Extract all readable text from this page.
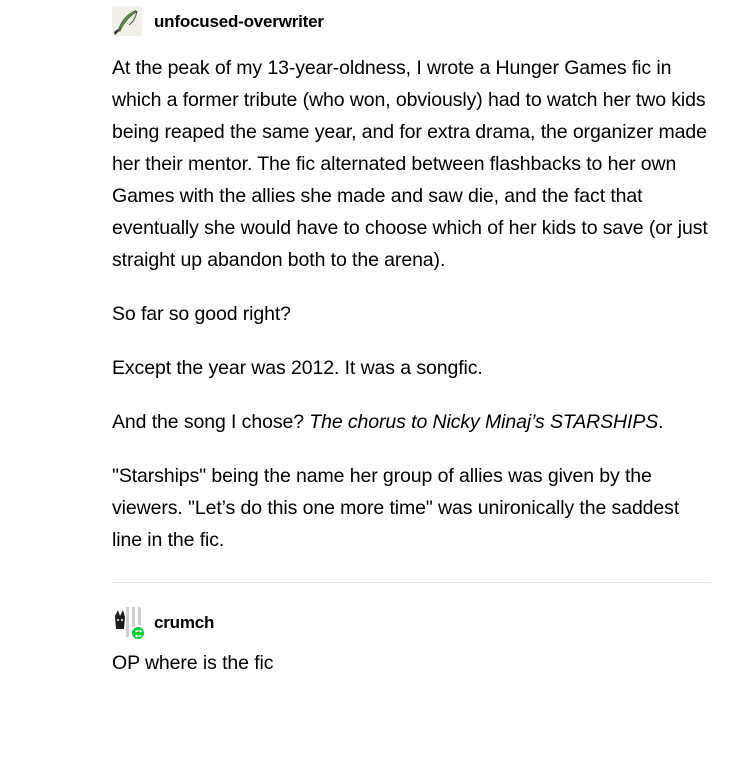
unfocused-overwriter

At the peak of my 13-year-oldness, I wrote a Hunger Games fic in which a former tribute (who won, obviously) had to watch her two kids being reaped the same year, and for extra drama, the organizer made her their mentor. The fic alternated between flashbacks to her own Games with the allies she made and saw die, and the fact that eventually she would have to choose which of her kids to save (or just straight up abandon both to the arena).

So far so good right?

Except the year was 2012. It was a songfic.

And the song I chose? The chorus to Nicky Minaj’s STARSHIPS.

"Starships" being the name her group of allies was given by the viewers. "Let’s do this one more time" was unironically the saddest line in the fic.

crumch

OP where is the fic
